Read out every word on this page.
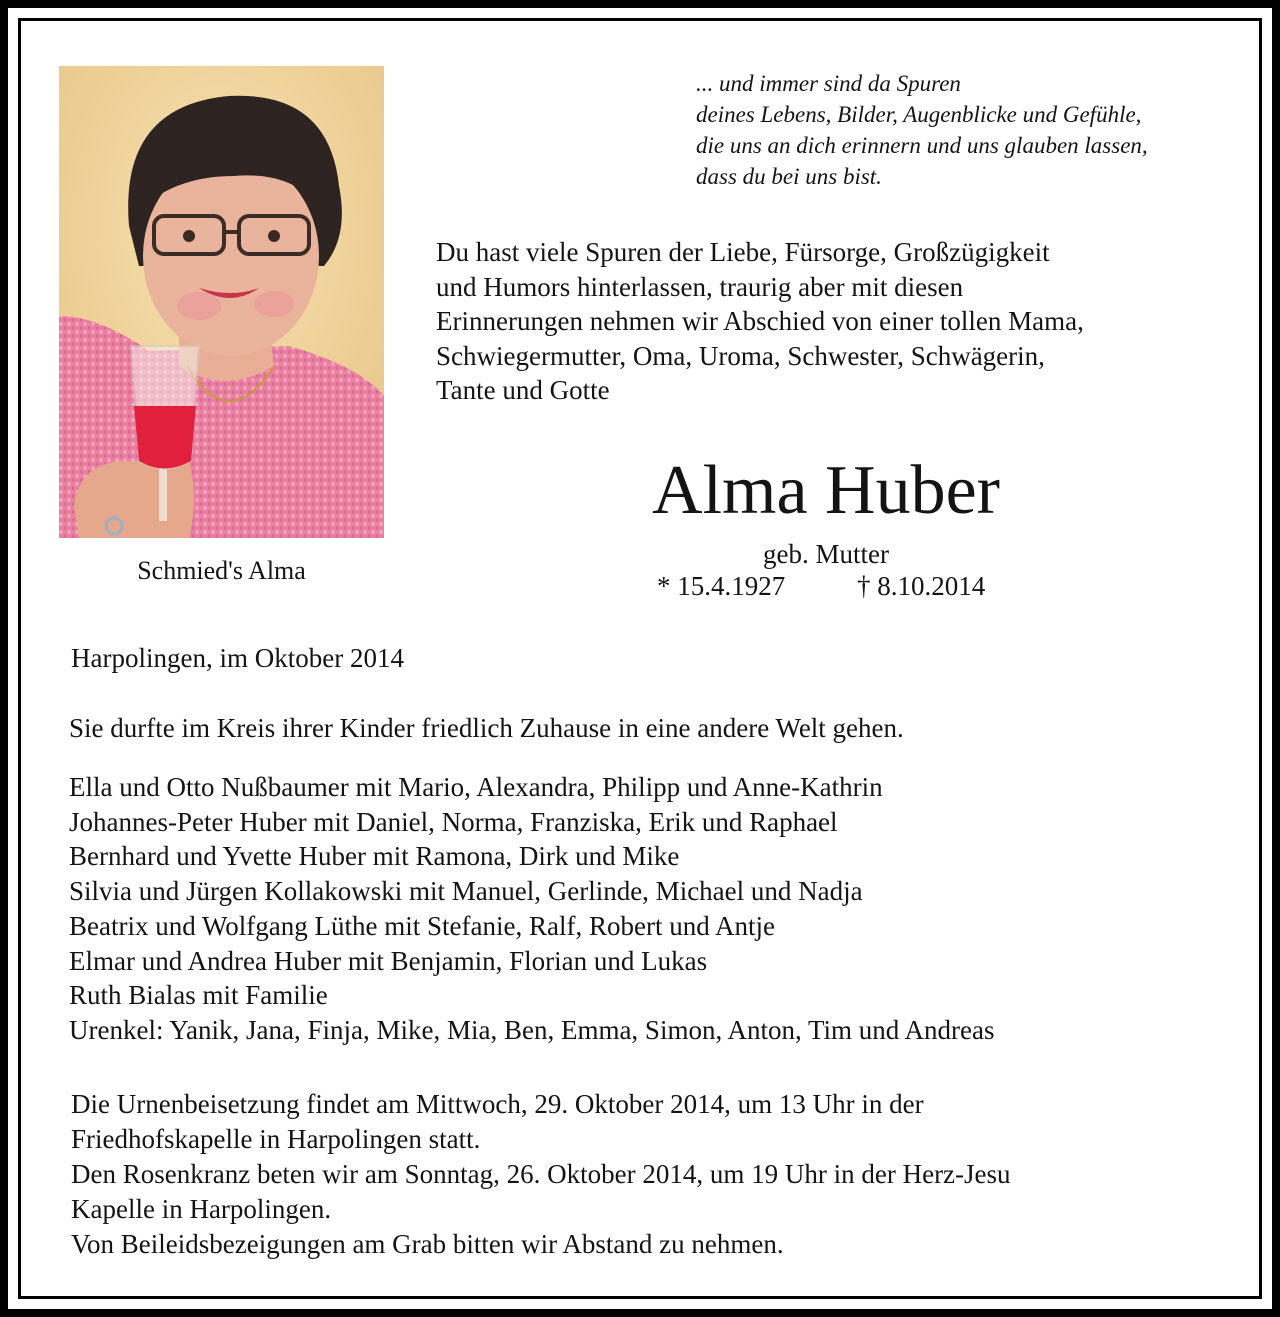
Schmied's Alma
... und immer sind da Spuren
deines Lebens, Bilder, Augenblicke und Gefühle,
die uns an dich erinnern und uns glauben lassen,
dass du bei uns bist.
Du hast viele Spuren der Liebe, Fürsorge, Großzügigkeit
und Humors hinterlassen, traurig aber mit diesen
Erinnerungen nehmen wir Abschied von einer tollen Mama,
Schwiegermutter, Oma, Uroma, Schwester, Schwägerin,
Tante und Gotte
Alma Huber
geb. Mutter
* 15.4.1927	† 8.10.2014
Harpolingen, im Oktober 2014
Sie durfte im Kreis ihrer Kinder friedlich Zuhause in eine andere Welt gehen.
Ella und Otto Nußbaumer mit Mario, Alexandra, Philipp und Anne-Kathrin
Johannes-Peter Huber mit Daniel, Norma, Franziska, Erik und Raphael
Bernhard und Yvette Huber mit Ramona, Dirk und Mike
Silvia und Jürgen Kollakowski mit Manuel, Gerlinde, Michael und Nadja
Beatrix und Wolfgang Lüthe mit Stefanie, Ralf, Robert und Antje
Elmar und Andrea Huber mit Benjamin, Florian und Lukas
Ruth Bialas mit Familie
Urenkel: Yanik, Jana, Finja, Mike, Mia, Ben, Emma, Simon, Anton, Tim und Andreas
Die Urnenbeisetzung findet am Mittwoch, 29. Oktober 2014, um 13 Uhr in der
Friedhofskapelle in Harpolingen statt.
Den Rosenkranz beten wir am Sonntag, 26. Oktober 2014, um 19 Uhr in der Herz-Jesu
Kapelle in Harpolingen.
Von Beileidsbezeigungen am Grab bitten wir Abstand zu nehmen.
